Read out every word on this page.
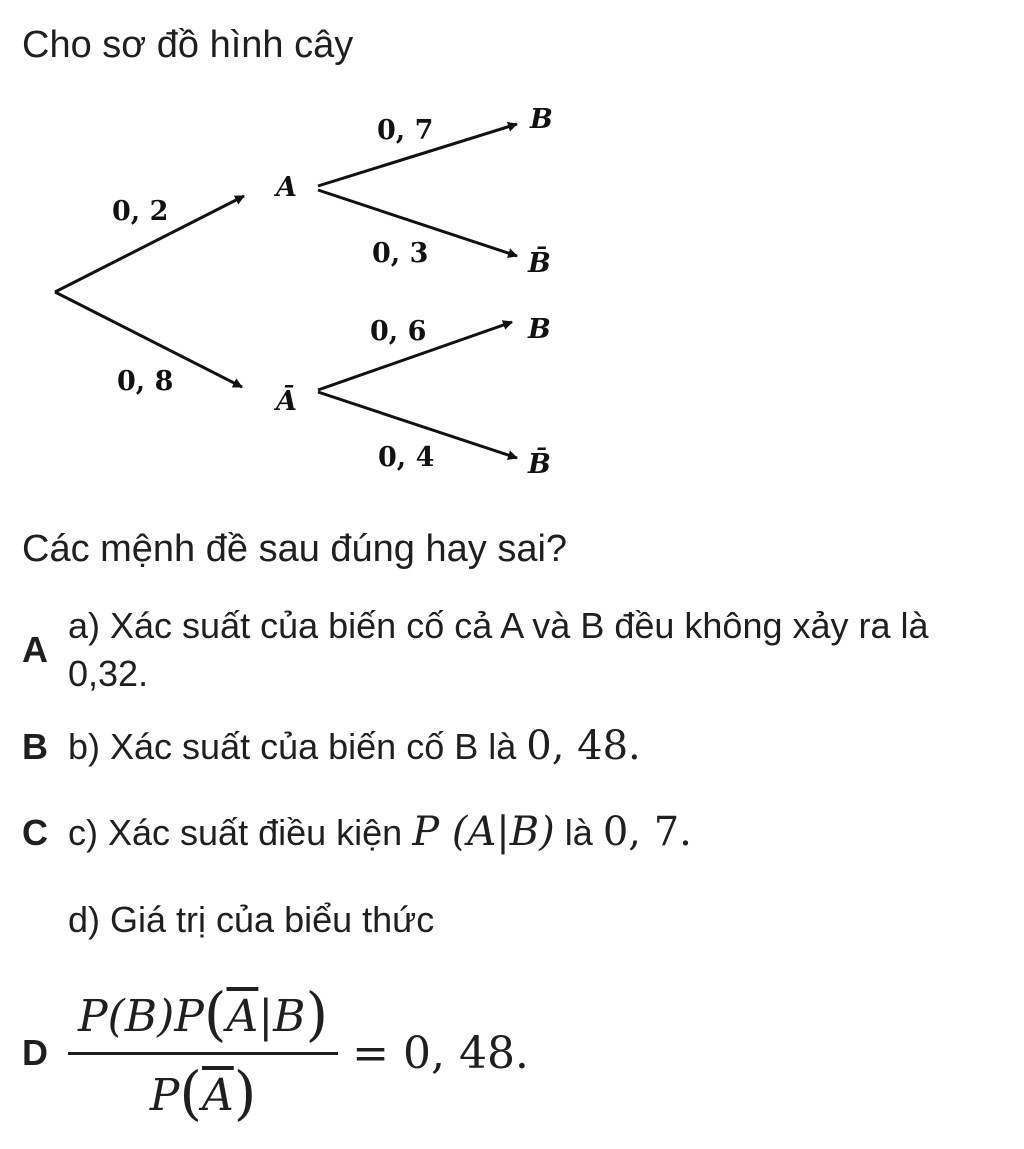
Cho sơ đồ hình cây
0, 2
0, 8
A
Ā
0, 7
0, 3
0, 6
0, 4
B
B̄
B
B̄
Các mệnh đề sau đúng hay sai?
A
a) Xác suất của biến cố cả A và B đều không xảy ra là 0,32.
B b) Xác suất của biến cố B là 0, 48.
C c) Xác suất điều kiện P (A|B) là 0, 7.
d) Giá trị của biểu thức
D $\frac{P(B)P(\overline{A}|B)}{P(\overline{A})} = 0$, 48.
